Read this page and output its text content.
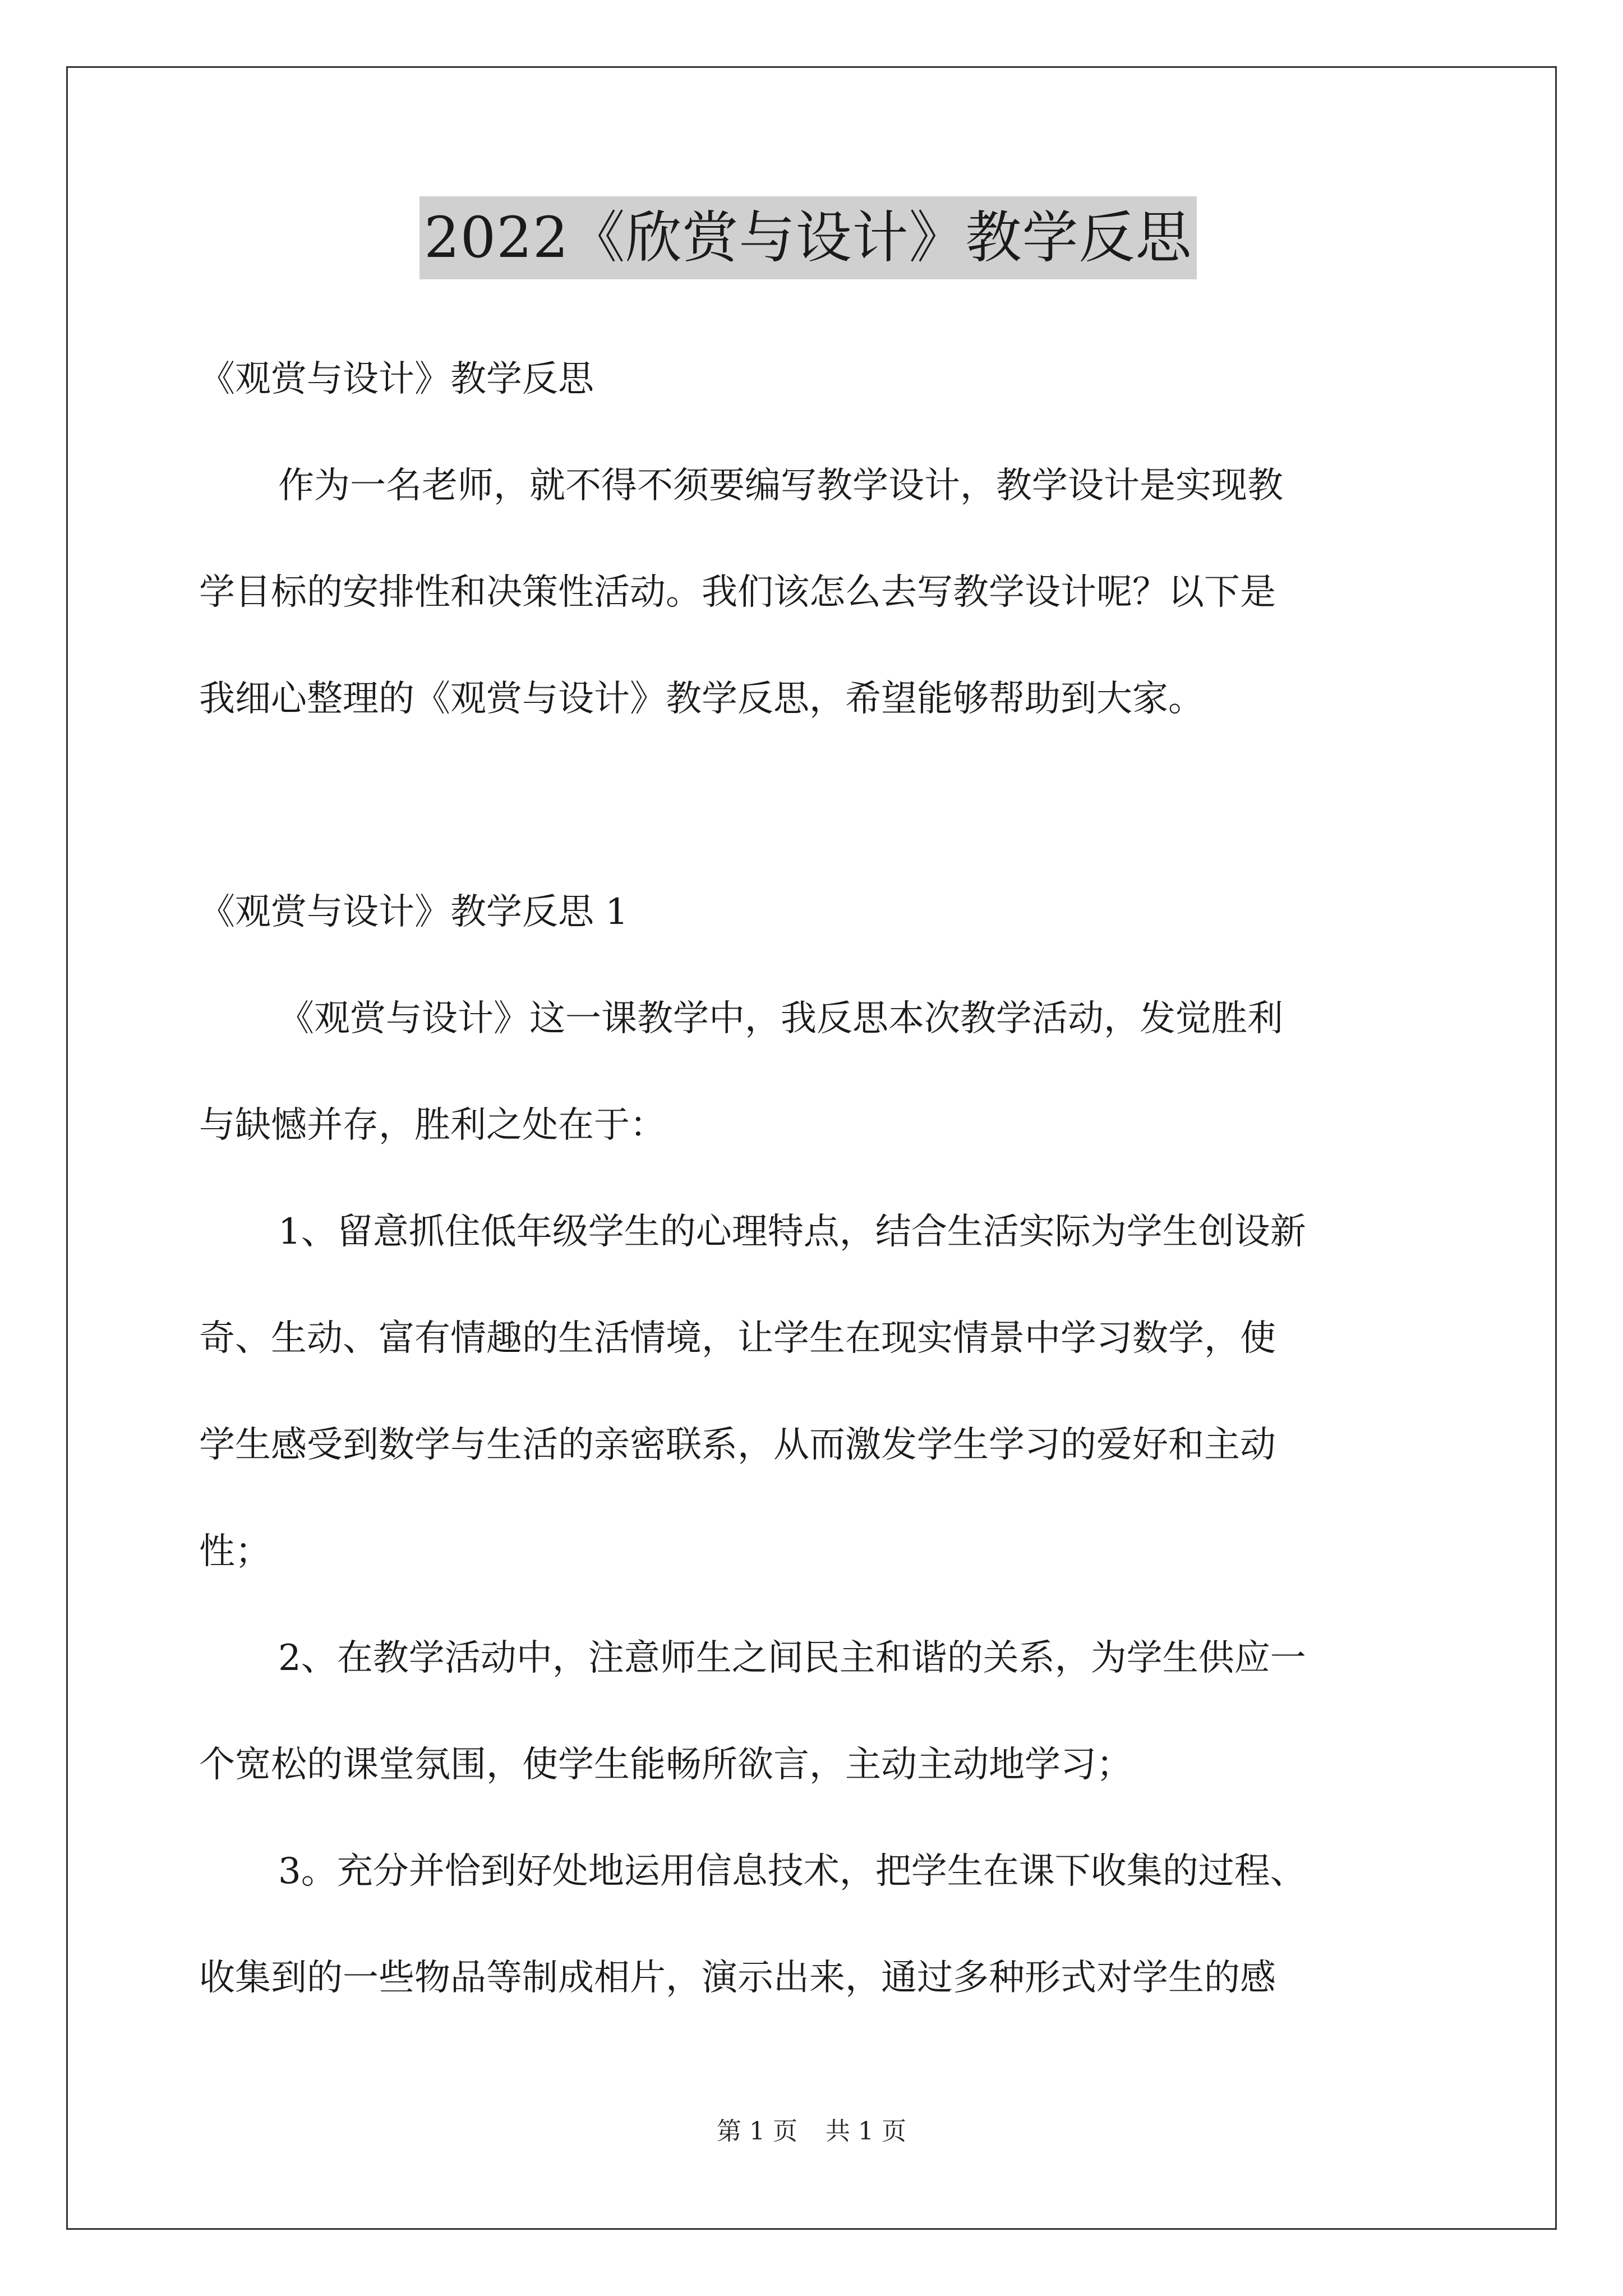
2022《欣赏与设计》教学反思
《观赏与设计》教学反思
作为一名老师，就不得不须要编写教学设计，教学设计是实现教
学目标的安排性和决策性活动。我们该怎么去写教学设计呢？以下是
我细心整理的《观赏与设计》教学反思，希望能够帮助到大家。
《观赏与设计》教学反思 1
《观赏与设计》这一课教学中，我反思本次教学活动，发觉胜利
与缺憾并存，胜利之处在于：
1、留意抓住低年级学生的心理特点，结合生活实际为学生创设新
奇、生动、富有情趣的生活情境，让学生在现实情景中学习数学，使
学生感受到数学与生活的亲密联系，从而激发学生学习的爱好和主动
性；
2、在教学活动中，注意师生之间民主和谐的关系，为学生供应一
个宽松的课堂氛围，使学生能畅所欲言，主动主动地学习；
3。充分并恰到好处地运用信息技术，把学生在课下收集的过程、
收集到的一些物品等制成相片，演示出来，通过多种形式对学生的感
第 1 页 共 1 页
